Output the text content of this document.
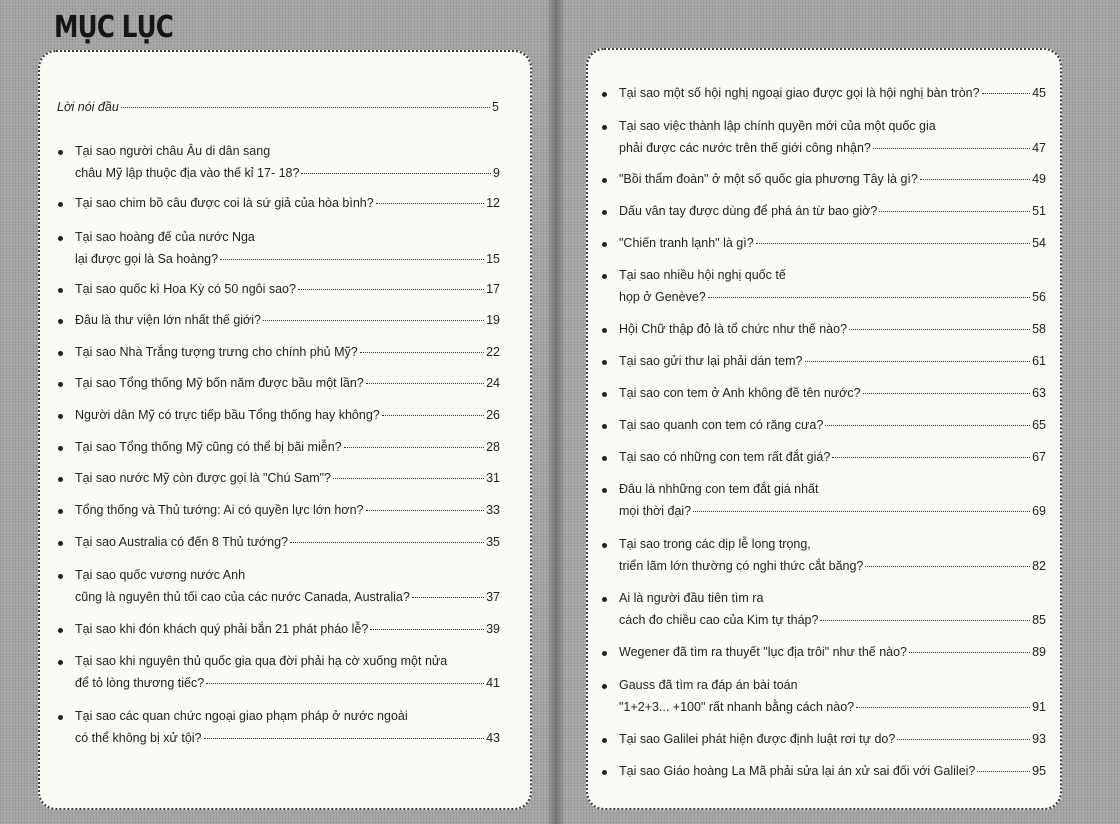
MỤC LỤC
Lời nói đầu	5
Tại sao người châu Âu di dân sang
châu Mỹ lập thuộc địa vào thế kỉ 17- 18?	9
Tại sao chim bồ câu được coi là sứ giả của hòa bình?	12
Tại sao hoàng đế của nước Nga
lại được gọi là Sa hoàng?	15
Tại sao quốc kì Hoa Kỳ có 50 ngôi sao?	17
Đâu là thư viện lớn nhất thế giới?	19
Tại sao Nhà Trắng tượng trưng cho chính phủ Mỹ?	22
Tại sao Tổng thống Mỹ bốn năm được bầu một lần?	24
Người dân Mỹ có trực tiếp bầu Tổng thống hay không?	26
Tại sao Tổng thống Mỹ cũng có thể bị bãi miễn?	28
Tại sao nước Mỹ còn được gọi là "Chú Sam"?	31
Tổng thống và Thủ tướng: Ai có quyền lực lớn hơn?	33
Tại sao Australia có đến 8 Thủ tướng?	35
Tại sao quốc vương nước Anh
cũng là nguyên thủ tối cao của các nước Canada, Australia?	37
Tại sao khi đón khách quý phải bắn 21 phát pháo lễ?	39
Tại sao khi nguyên thủ quốc gia qua đời phải hạ cờ xuống một nửa
để tỏ lòng thương tiếc?	41
Tại sao các quan chức ngoại giao phạm pháp ở nước ngoài
có thể không bị xử tội?	43
Tại sao một số hội nghị ngoại giao được gọi là hội nghị bàn tròn?	45
Tại sao việc thành lập chính quyền mới của một quốc gia
phải được các nước trên thế giới công nhận?	47
"Bồi thẩm đoàn" ở một số quốc gia phương Tây là gì?	49
Dấu vân tay được dùng để phá án từ bao giờ?	51
"Chiến tranh lạnh" là gì?	54
Tại sao nhiều hội nghị quốc tế
họp ở Genève?	56
Hội Chữ thập đỏ là tổ chức như thế nào?	58
Tại sao gửi thư lại phải dán tem?	61
Tại sao con tem ở Anh không đề tên nước?	63
Tại sao quanh con tem có răng cưa?	65
Tại sao có những con tem rất đắt giá?	67
Đâu là nhhững con tem đắt giá nhất
mọi thời đại?	69
Tại sao trong các dịp lễ long trọng,
triển lãm lớn thường có nghi thức cắt băng?	82
Ai là người đầu tiên tìm ra
cách đo chiều cao của Kim tự tháp?	85
Wegener đã tìm ra thuyết "lục địa trôi" như thế nào?	89
Gauss đã tìm ra đáp án bài toán
"1+2+3... +100" rất nhanh bằng cách nào?	91
Tại sao Galilei phát hiện được định luật rơi tự do?	93
Tại sao Giáo hoàng La Mã phải sửa lại án xử sai đối với Galilei?	95
